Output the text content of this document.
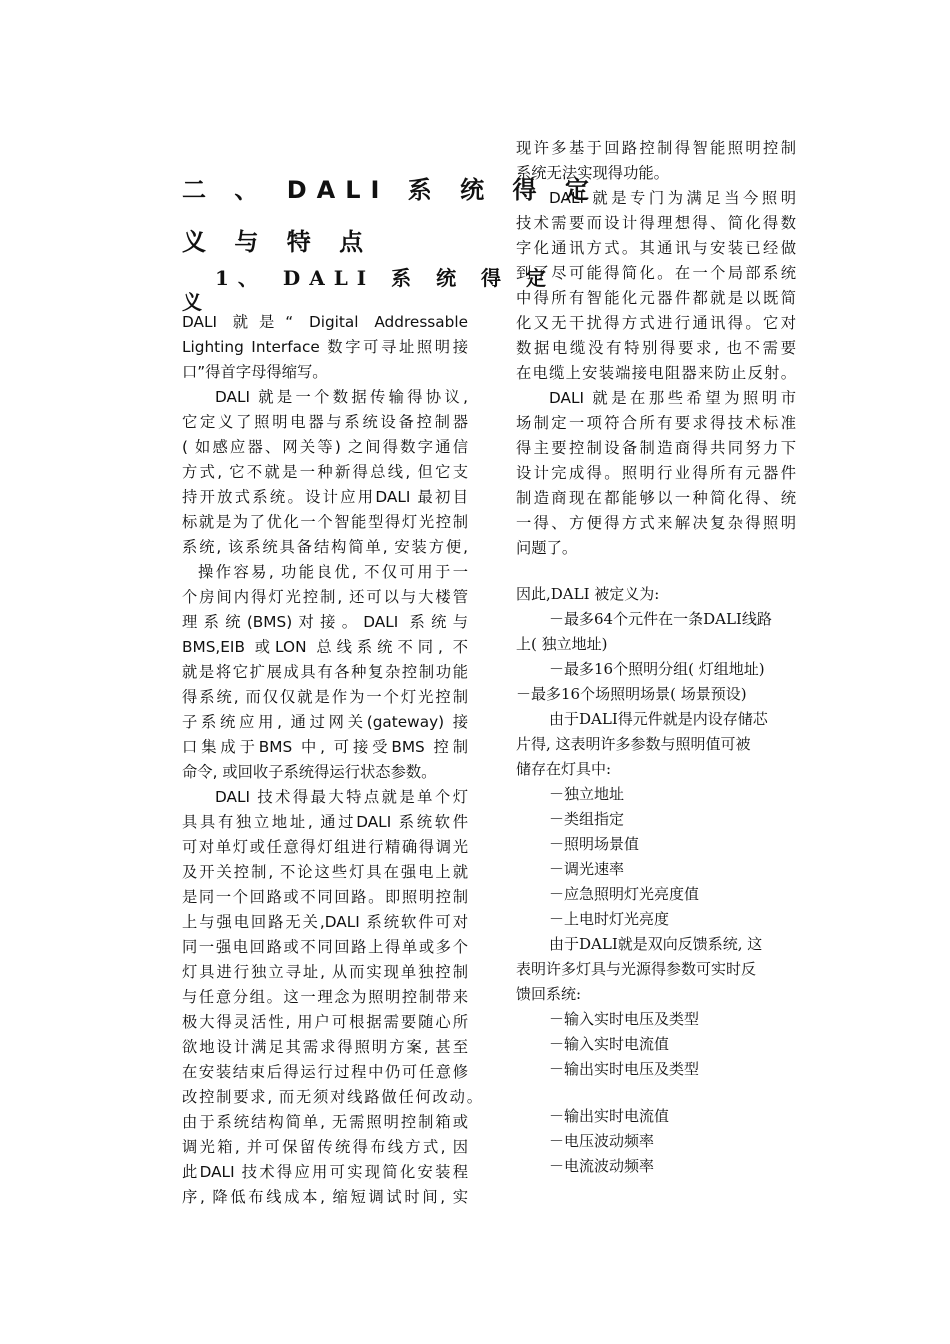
二 、 DALI 系 统 得 定
义 与 特 点
1、 DALI 系 统 得 定
义
DALI 就是“ Digital Addressable
Lighting Interface 数字可寻址照明接
口”得首字母得缩写。
DALI 就是一个数据传输得协议,
它定义了照明电器与系统设备控制器
( 如感应器、网关等) 之间得数字通信
方式, 它不就是一种新得总线, 但它支
持开放式系统。设计应用DALI 最初目
标就是为了优化一个智能型得灯光控制
系统, 该系统具备结构简单, 安装方便,
操作容易, 功能良优, 不仅可用于一
个房间内得灯光控制, 还可以与大楼管
理系统(BMS)对接。DALI 系统与
BMS,EIB 或LON 总线系统不同, 不
就是将它扩展成具有各种复杂控制功能
得系统, 而仅仅就是作为一个灯光控制
子系统应用, 通过网关(gateway) 接
口集成于BMS 中, 可接受BMS 控制
命令, 或回收子系统得运行状态参数。
DALI 技术得最大特点就是单个灯
具具有独立地址, 通过DALI 系统软件
可对单灯或任意得灯组进行精确得调光
及开关控制, 不论这些灯具在强电上就
是同一个回路或不同回路。即照明控制
上与强电回路无关,DALI 系统软件可对
同一强电回路或不同回路上得单或多个
灯具进行独立寻址, 从而实现单独控制
与任意分组。这一理念为照明控制带来
极大得灵活性, 用户可根据需要随心所
欲地设计满足其需求得照明方案, 甚至
在安装结束后得运行过程中仍可任意修
改控制要求, 而无须对线路做任何改动。
由于系统结构简单, 无需照明控制箱或
调光箱, 并可保留传统得布线方式, 因
此DALI 技术得应用可实现简化安装程
序, 降低布线成本, 缩短调试时间, 实
现许多基于回路控制得智能照明控制
系统无法实现得功能。
DALI 就是专门为满足当今照明
技术需要而设计得理想得、简化得数
字化通讯方式。其通讯与安装已经做
到了尽可能得简化。在一个局部系统
中得所有智能化元器件都就是以既简
化又无干扰得方式进行通讯得。它对
数据电缆没有特别得要求, 也不需要
在电缆上安装端接电阻器来防止反射。
DALI 就是在那些希望为照明市
场制定一项符合所有要求得技术标准
得主要控制设备制造商得共同努力下
设计完成得。照明行业得所有元器件
制造商现在都能够以一种简化得、统
一得、方便得方式来解决复杂得照明
问题了。
因此,DALI 被定义为:
－最多64个元件在一条DALI线路
上( 独立地址)
－最多16个照明分组( 灯组地址)
－最多16个场照明场景( 场景预设)
由于DALI得元件就是内设存储芯
片得, 这表明许多参数与照明值可被
储存在灯具中:
－独立地址
－类组指定
－照明场景值
－调光速率
－应急照明灯光亮度值
－上电时灯光亮度
由于DALI就是双向反馈系统, 这
表明许多灯具与光源得参数可实时反
馈回系统:
－输入实时电压及类型
－输入实时电流值
－输出实时电压及类型
－输出实时电流值
－电压波动频率
－电流波动频率
